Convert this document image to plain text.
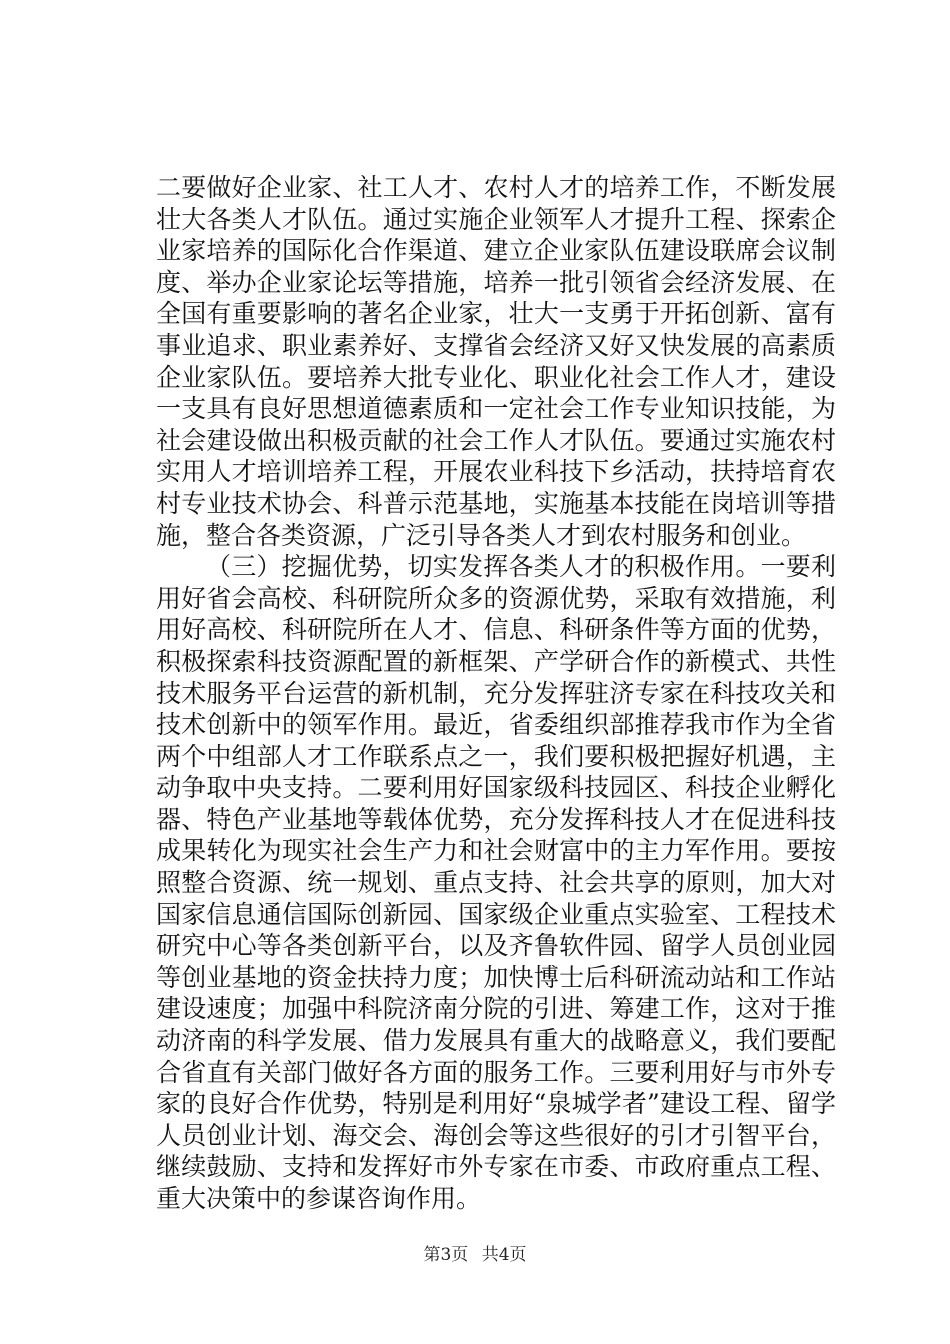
二要做好企业家、社工人才、农村人才的培养工作，不断发展壮大各类人才队伍。通过实施企业领军人才提升工程、探索企业家培养的国际化合作渠道、建立企业家队伍建设联席会议制度、举办企业家论坛等措施，培养一批引领省会经济发展、在全国有重要影响的著名企业家，壮大一支勇于开拓创新、富有事业追求、职业素养好、支撑省会经济又好又快发展的高素质企业家队伍。要培养大批专业化、职业化社会工作人才，建设一支具有良好思想道德素质和一定社会工作专业知识技能，为社会建设做出积极贡献的社会工作人才队伍。要通过实施农村实用人才培训培养工程，开展农业科技下乡活动，扶持培育农村专业技术协会、科普示范基地，实施基本技能在岗培训等措施，整合各类资源，广泛引导各类人才到农村服务和创业。

（三）挖掘优势，切实发挥各类人才的积极作用。一要利用好省会高校、科研院所众多的资源优势，采取有效措施，利用好高校、科研院所在人才、信息、科研条件等方面的优势，积极探索科技资源配置的新框架、产学研合作的新模式、共性技术服务平台运营的新机制，充分发挥驻济专家在科技攻关和技术创新中的领军作用。最近，省委组织部推荐我市作为全省两个中组部人才工作联系点之一，我们要积极把握好机遇，主动争取中央支持。二要利用好国家级科技园区、科技企业孵化器、特色产业基地等载体优势，充分发挥科技人才在促进科技成果转化为现实社会生产力和社会财富中的主力军作用。要按照整合资源、统一规划、重点支持、社会共享的原则，加大对国家信息通信国际创新园、国家级企业重点实验室、工程技术研究中心等各类创新平台，以及齐鲁软件园、留学人员创业园等创业基地的资金扶持力度；加快博士后科研流动站和工作站建设速度；加强中科院济南分院的引进、筹建工作，这对于推动济南的科学发展、借力发展具有重大的战略意义，我们要配合省直有关部门做好各方面的服务工作。三要利用好与市外专家的良好合作优势，特别是利用好“泉城学者”建设工程、留学人员创业计划、海交会、海创会等这些很好的引才引智平台，继续鼓励、支持和发挥好市外专家在市委、市政府重点工程、重大决策中的参谋咨询作用。

第3页 共4页
